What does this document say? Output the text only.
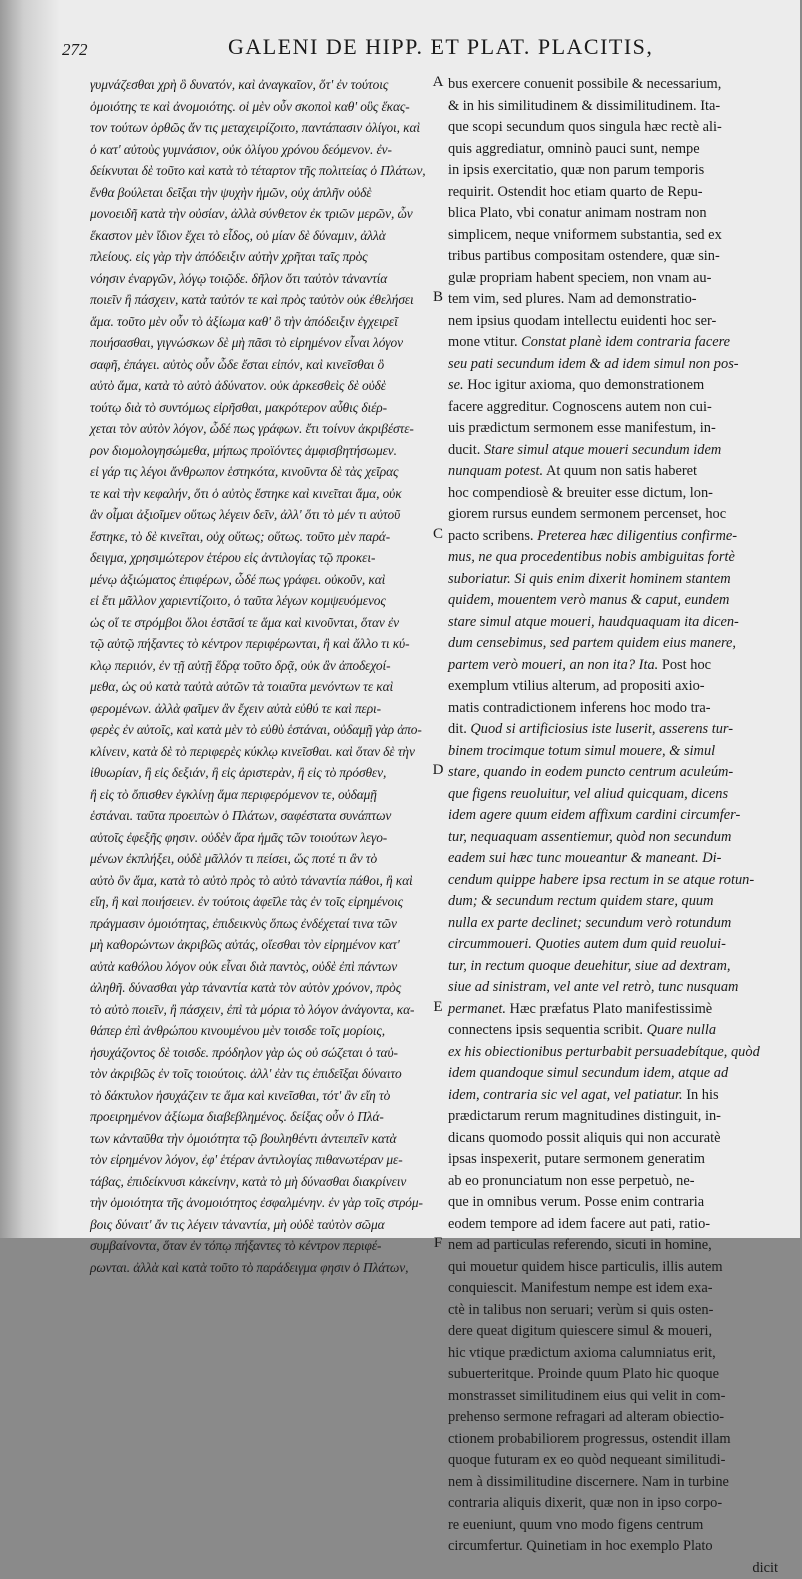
272	GALENI DE HIPP. ET PLAT. PLACITIS,
γυμνάζεσθαι χρὴ ὃ δυνατόν, καὶ ἀναγκαῖον, ὅτ' ἐν τούτοις
ὁμοιότης τε καὶ ἀνομοιότης. οἱ μὲν οὖν σκοποὶ καθ' οὓς ἕκας-
τον τούτων ὀρθῶς ἄν τις μεταχειρίζοιτο, παντάπασιν ὀλίγοι, καὶ
ὁ κατ' αὐτοὺς γυμνάσιον, οὐκ ὀλίγου χρόνου δεόμενον. ἐν-
δείκνυται δὲ τοῦτο καὶ κατὰ τὸ τέταρτον τῆς πολιτείας ὁ Πλάτων,
ἔνθα βούλεται δεῖξαι τὴν ψυχὴν ἡμῶν, οὐχ ἁπλῆν οὐδὲ
μονοειδῆ κατὰ τὴν οὐσίαν, ἀλλὰ σύνθετον ἐκ τριῶν μερῶν, ὧν
ἕκαστον μὲν ἴδιον ἔχει τὸ εἶδος, οὐ μίαν δὲ δύναμιν, ἀλλὰ
πλείους. εἰς γὰρ τὴν ἀπόδειξιν αὐτὴν χρῆται ταῖς πρὸς
νόησιν ἐναργῶν, λόγῳ τοιῷδε. δῆλον ὅτι ταὐτὸν τἀναντία
ποιεῖν ἢ πάσχειν, κατὰ ταὐτόν τε καὶ πρὸς ταὐτὸν οὐκ ἐθελήσει
ἅμα. τοῦτο μὲν οὖν τὸ ἀξίωμα καθ' ὃ τὴν ἀπόδειξιν ἐγχειρεῖ
ποιήσασθαι, γιγνώσκων δὲ μὴ πᾶσι τὸ εἰρημένον εἶναι λόγον
σαφῆ, ἐπάγει. αὐτὸς οὖν ὧδε ἔσται εἰπόν, καὶ κινεῖσθαι ὃ
αὐτὸ ἅμα, κατὰ τὸ αὐτὸ ἀδύνατον. οὐκ ἀρκεσθεὶς δὲ οὐδὲ
τούτῳ διὰ τὸ συντόμως εἰρῆσθαι, μακρότερον αὖθις διέρ-
χεται τὸν αὐτὸν λόγον, ὧδέ πως γράφων. ἔτι τοίνυν ἀκριβέστε-
ρον διομολογησώμεθα, μήπως προϊόντες ἀμφισβητήσωμεν.
εἰ γάρ τις λέγοι ἄνθρωπον ἑστηκότα, κινοῦντα δὲ τὰς χεῖρας
τε καὶ τὴν κεφαλήν, ὅτι ὁ αὐτὸς ἕστηκε καὶ κινεῖται ἅμα, οὐκ
ἂν οἶμαι ἀξιοῖμεν οὕτως λέγειν δεῖν, ἀλλ' ὅτι τὸ μέν τι αὐτοῦ
ἕστηκε, τὸ δὲ κινεῖται, οὐχ οὕτως; οὕτως. τοῦτο μὲν παρά-
δειγμα, χρησιμώτερον ἑτέρου εἰς ἀντιλογίας τῷ προκει-
μένῳ ἀξιώματος ἐπιφέρων, ὧδέ πως γράφει. οὐκοῦν, καὶ
εἰ ἔτι μᾶλλον χαριεντίζοιτο, ὁ ταῦτα λέγων κομψευόμενος
ὡς οἵ τε στρόμβοι ὅλοι ἑστᾶσί τε ἅμα καὶ κινοῦνται, ὅταν ἐν
τῷ αὐτῷ πήξαντες τὸ κέντρον περιφέρωνται, ἢ καὶ ἄλλο τι κύ-
κλῳ περιιόν, ἐν τῇ αὐτῇ ἕδρᾳ τοῦτο δρᾷ, οὐκ ἂν ἀποδεχοί-
μεθα, ὡς οὐ κατὰ ταὐτὰ αὐτῶν τὰ τοιαῦτα μενόντων τε καὶ
φερομένων. ἀλλὰ φαῖμεν ἂν ἔχειν αὐτὰ εὐθύ τε καὶ περι-
φερὲς ἐν αὐτοῖς, καὶ κατὰ μὲν τὸ εὐθὺ ἑστάναι, οὐδαμῇ γὰρ ἀπο-
κλίνειν, κατὰ δὲ τὸ περιφερὲς κύκλῳ κινεῖσθαι. καὶ ὅταν δὲ τὴν
ἰθυωρίαν, ἢ εἰς δεξιάν, ἢ εἰς ἀριστερὰν, ἢ εἰς τὸ πρόσθεν,
ἢ εἰς τὸ ὄπισθεν ἐγκλίνῃ ἅμα περιφερόμενον τε, οὐδαμῇ
ἑστάναι. ταῦτα προειπὼν ὁ Πλάτων, σαφέστατα συνάπτων
αὐτοῖς ἐφεξῆς φησιν. οὐδὲν ἄρα ἡμᾶς τῶν τοιούτων λεγο-
μένων ἐκπλήξει, οὐδὲ μᾶλλόν τι πείσει, ὥς ποτέ τι ἂν τὸ
αὐτὸ ὂν ἅμα, κατὰ τὸ αὐτὸ πρὸς τὸ αὐτὸ τἀναντία πάθοι, ἢ καὶ
εἴη, ἢ καὶ ποιήσειεν. ἐν τούτοις ἀφεῖλε τὰς ἐν τοῖς εἰρημένοις
πράγμασιν ὁμοιότητας, ἐπιδεικνὺς ὅπως ἐνδέχεταί τινα τῶν
μὴ καθορώντων ἀκριβῶς αὐτάς, οἴεσθαι τὸν εἰρημένον κατ'
αὐτὰ καθόλου λόγον οὐκ εἶναι διὰ παντὸς, οὐδὲ ἐπὶ πάντων
ἀληθῆ. δύνασθαι γὰρ τἀναντία κατὰ τὸν αὐτὸν χρόνον, πρὸς
τὸ αὐτὸ ποιεῖν, ἢ πάσχειν, ἐπὶ τὰ μόρια τὸ λόγον ἀνάγοντα, κα-
θάπερ ἐπὶ ἀνθρώπου κινουμένου μὲν τοισδε τοῖς μορίοις,
ἡσυχάζοντος δὲ τοισδε. πρόδηλον γὰρ ὡς οὐ σώζεται ὁ ταὐ-
τὸν ἀκριβῶς ἐν τοῖς τοιούτοις. ἀλλ' ἐὰν τις ἐπιδεῖξαι δύναιτο
τὸ δάκτυλον ἡσυχάζειν τε ἅμα καὶ κινεῖσθαι, τότ' ἂν εἴη τὸ
προειρημένον ἀξίωμα διαβεβλημένος. δείξας οὖν ὁ Πλά-
των κἀνταῦθα τὴν ὁμοιότητα τῷ βουληθέντι ἀντειπεῖν κατὰ
τὸν εἰρημένον λόγον, ἐφ' ἑτέραν ἀντιλογίας πιθανωτέραν με-
τάβας, ἐπιδείκνυσι κἀκείνην, κατὰ τὸ μὴ δύνασθαι διακρίνειν
τὴν ὁμοιότητα τῆς ἀνομοιότητος ἐσφαλμένην. ἐν γὰρ τοῖς στρόμ-
βοις δύναιτ' ἄν τις λέγειν τἀναντία, μὴ οὐδὲ ταὐτὸν σῶμα
συμβαίνοντα, ὅταν ἐν τόπῳ πήξαντες τὸ κέντρον περιφέ-
ρωνται. ἀλλὰ καὶ κατὰ τοῦτο τὸ παράδειγμα φησιν ὁ Πλάτων,
A
B
C
D
E
F
bus exercere conuenit possibile & necessarium,
& in his similitudinem & dissimilitudinem. Ita-
que scopi secundum quos singula hæc rectè ali-
quis aggrediatur, omninò pauci sunt, nempe
in ipsis exercitatio, quæ non parum temporis
requirit. Ostendit hoc etiam quarto de Repu-
blica Plato, vbi conatur animam nostram non
simplicem, neque vniformem substantia, sed ex
tribus partibus compositam ostendere, quæ sin-
gulæ propriam habent speciem, non vnam au-
tem vim, sed plures. Nam ad demonstratio-
nem ipsius quodam intellectu euidenti hoc ser-
mone vtitur. Constat planè idem contraria facere
seu pati secundum idem & ad idem simul non pos-
se. Hoc igitur axioma, quo demonstrationem
facere aggreditur. Cognoscens autem non cui-
uis prædictum sermonem esse manifestum, in-
ducit. Stare simul atque moueri secundum idem
nunquam potest. At quum non satis haberet
hoc compendiosè & breuiter esse dictum, lon-
giorem rursus eundem sermonem percenset, hoc
pacto scribens. Preterea hæc diligentius confirme-
mus, ne qua procedentibus nobis ambiguitas fortè
suboriatur. Si quis enim dixerit hominem stantem
quidem, mouentem verò manus & caput, eundem
stare simul atque moueri, haudquaquam ita dicen-
dum censebimus, sed partem quidem eius manere,
partem verò moueri, an non ita? Ita. Post hoc
exemplum vtilius alterum, ad propositi axio-
matis contradictionem inferens hoc modo tra-
dit. Quod si artificiosius iste luserit, asserens tur-
binem trocimque totum simul mouere, & simul
stare, quando in eodem puncto centrum aculeúm-
que figens reuoluitur, vel aliud quicquam, dicens
idem agere quum eidem affixum cardini circumfer-
tur, nequaquam assentiemur, quòd non secundum
eadem sui hæc tunc moueantur & maneant. Di-
cendum quippe habere ipsa rectum in se atque rotun-
dum; & secundum rectum quidem stare, quum
nulla ex parte declinet; secundum verò rotundum
circummoueri. Quoties autem dum quid reuolui-
tur, in rectum quoque deuehitur, siue ad dextram,
siue ad sinistram, vel ante vel retrò, tunc nusquam
permanet. Hæc præfatus Plato manifestissimè
connectens ipsis sequentia scribit. Quare nulla
ex his obiectionibus perturbabit persuadebítque, quòd
idem quandoque simul secundum idem, atque ad
idem, contraria sic vel agat, vel patiatur. In his
prædictarum rerum magnitudines distinguit, in-
dicans quomodo possit aliquis qui non accuratè
ipsas inspexerit, putare sermonem generatim
ab eo pronunciatum non esse perpetuò, ne-
que in omnibus verum. Posse enim contraria
eodem tempore ad idem facere aut pati, ratio-
nem ad particulas referendo, sicuti in homine,
qui mouetur quidem hisce particulis, illis autem
conquiescit. Manifestum nempe est idem exa-
ctè in talibus non seruari; verùm si quis osten-
dere queat digitum quiescere simul & moueri,
hic vtique prædictum axioma calumniatus erit,
subuerteritque. Proinde quum Plato hic quoque
monstrasset similitudinem eius qui velit in com-
prehenso sermone refragari ad alteram obiectio-
ctionem probabiliorem progressus, ostendit illam
quoque futuram ex eo quòd nequeant similitudi-
nem à dissimilitudine discernere. Nam in turbine
contraria aliquis dixerit, quæ non in ipso corpo-
re eueniunt, quum vno modo figens centrum
circumfertur. Quinetiam in hoc exemplo Plato
dicit
